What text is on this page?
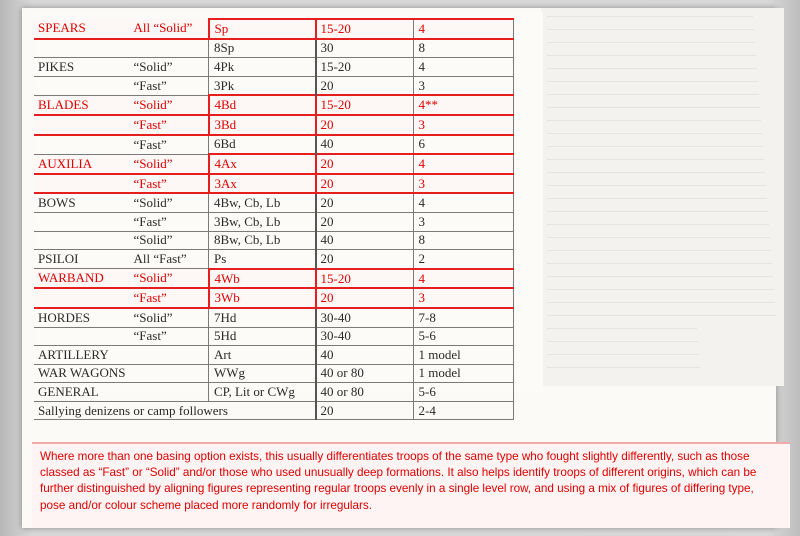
SPEARS	All “Solid”	Sp	15-20	4
		8Sp	30	8
PIKES	“Solid”	4Pk	15-20	4
	“Fast”	3Pk	20	3
BLADES	“Solid”	4Bd	15-20	4**
	“Fast”	3Bd	20	3
	“Fast”	6Bd	40	6
AUXILIA	“Solid”	4Ax	20	4
	“Fast”	3Ax	20	3
BOWS	“Solid”	4Bw, Cb, Lb	20	4
	“Fast”	3Bw, Cb, Lb	20	3
	“Solid”	8Bw, Cb, Lb	40	8
PSILOI	All “Fast”	Ps	20	2
WARBAND	“Solid”	4Wb	15-20	4
	“Fast”	3Wb	20	3
HORDES	“Solid”	7Hd	30-40	7-8
	“Fast”	5Hd	30-40	5-6
ARTILLERY		Art	40	1 model
WAR WAGONS		WWg	40 or 80	1 model
GENERAL		CP, Lit or CWg	40 or 80	5-6
Sallying denizens or camp followers			20	2-4
Where more than one basing option exists, this usually differentiates troops of the same type who fought slightly differently, such as those classed as “Fast” or “Solid” and/or those who used unusually deep formations. It also helps identify troops of different origins, which can be further distinguished by aligning figures representing regular troops evenly in a single level row, and using a mix of figures of differing type, pose and/or colour scheme placed more randomly for irregulars.
